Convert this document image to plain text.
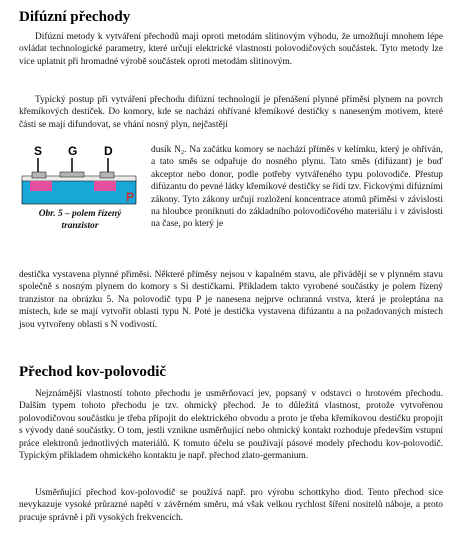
Difúzní přechody

Difúzní metody k vytváření přechodů mají oproti metodám slitinovým výhodu, že umožňují mnohem lépe ovládat technologické parametry, které určují elektrické vlastnosti polovodičových součástek. Tyto metody lze více uplatnit při hromadné výrobě součástek oproti metodám slitinovým.

Typický postup při vytváření přechodu difúzní technologií je přenášení plynné příměsi plynem na povrch křemíkových destiček. Do komory, kde se nachází ohřívané křemíkové destičky s naneseným motivem, které části se mají difundovat, se vhání nosný plyn, nejčastěji

S G D
P
Obr. 5 – polem řízený tranzistor

dusík N₂. Na začátku komory se nachází příměs v kelímku, který je ohříván, a tato směs se odpařuje do nosného plynu. Tato směs (difúzant) je buď akceptor nebo donor, podle potřeby vytvářeného typu polovodiče. Přestup difúzantu do pevné látky křemíkové destičky se řídí tzv. Fickovými difúzními zákony. Tyto zákony určují rozložení koncentrace atomů příměsi v závislosti na hloubce proniknutí do základního polovodičového materiálu i v závislosti na čase, po který je

destička vystavena plynné příměsi. Některé příměsy nejsou v kapalném stavu, ale přivádějí se v plynném stavu společně s nosným plynem do komory s Si destičkami. Příkladem takto vyrobené součástky je polem řízený tranzistor na obrázku 5. Na polovodič typu P je nanesena nejprve ochranná vrstva, která je proleptána na místech, kde se mají vytvořit oblasti typu N. Poté je destička vystavena difúzantu a na požadovaných místech jsou vytvořeny oblasti s N vodivostí.

Přechod kov-polovodič

Nejznámější vlastností tohoto přechodu je usměrňovací jev, popsaný v odstavci o hrotovém přechodu. Dalším typem tohoto přechodu je tzv. ohmický přechod. Je to důležitá vlastnost, protože vytvořenou polovodičovou součástku je třeba připojit do elektrického obvodu a proto je třeba křemíkovou destičku propojit s vývody dané součástky. O tom, jestli vznikne usměrňující nebo ohmický kontakt rozhoduje především vstupní práce elektronů jednotlivých materiálů. K tomuto účelu se používají pásové modely přechodu kov-polovodič. Typickým příkladem ohmického kontaktu je např. přechod zlato-germanium.

Usměrňující přechod kov-polovodič se používá např. pro výrobu schottkyho diod. Tento přechod sice nevykazuje vysoké průrazné napětí v závěrném směru, má však velkou rychlost šíření nositelů náboje, a proto pracuje správně i při vysokých frekvencích.
